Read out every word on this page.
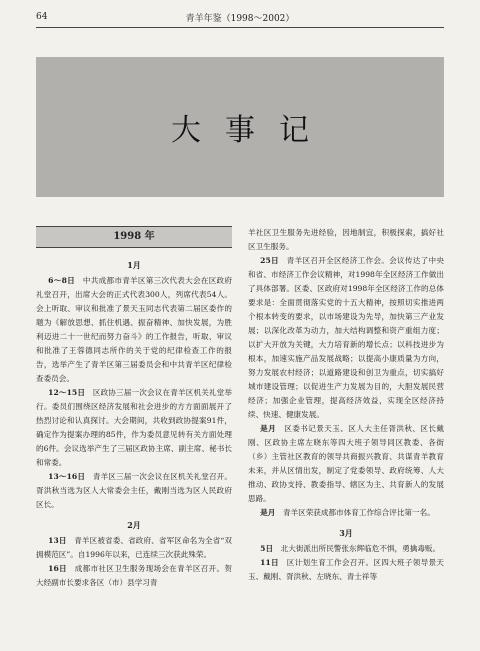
64	青羊年鉴（1998～2002）
大事记
1998 年
1月

6～8日　 中共成都市青羊区第三次代表大会在区政府礼堂召开，出席大会的正式代表300人，列席代表54人。会上听取、审议和批准了景天玉同志代表第二届区委作的题为《解放思想、抓住机遇、振奋精神、加快发展，为胜利迈进二十一世纪而努力奋斗》的工作报告，听取、审议和批准了王蓉德同志所作的关于党的纪律检查工作的报告，选举产生了青羊区第三届委员会和中共青羊区纪律检查委员会。

12～15日　 区政协三届一次会议在青羊区机关礼堂举行。委员们围绕区经济发展和社会进步的方方面面展开了热烈讨论和认真探讨。大会期间，共收到政协提案91件，确定作为提案办理的85件，作为委员意见转有关方面处理的6件。会议选举产生了三届区政协主席、副主席、秘书长和常委。

13～16日　 青羊区三届一次会议在区机关礼堂召开。胥洪秋当选为区人大常委会主任，戴刚当选为区人民政府区长。

2月

13日　 青羊区被省委、省政府、省军区命名为全省“双拥模范区”。自1996年以来，已连续三次获此殊荣。

16日　 成都市社区卫生服务现场会在青羊区召开。贺大经副市长要求各区（市）县学习青

羊社区卫生服务先进经验，因地制宜，积极探索，搞好社区卫生服务。

25日　 青羊区召开全区经济工作会。会议传达了中央和省、市经济工作会议精神，对1998年全区经济工作做出了具体部署。区委、区政府对1998年全区经济工作的总体要求是：全面贯彻落实党的十五大精神，按照切实推进两个根本转变的要求，以市场建设为先导，加快第三产业发展；以深化改革为动力，加大结构调整和资产重组力度；以扩大开放为关键，大力培育新的增长点；以科技进步为根本，加速实施产品发展战略；以提高小康质量为方向，努力发展农村经济；以道路建设和创卫为重点，切实搞好城市建设管理；以促进生产力发展为目的，大胆发展民营经济；加强企业管理，提高经济效益，实现全区经济持续、快速、健康发展。

是月　 区委书记景天玉、区人大主任胥洪秋、区长戴刚、区政协主席左晓东等四大班子领导同区教委、各街（乡）主管社区教育的领导共商振兴教育、共谋青羊教育未来，并从区情出发，制定了党委领导、政府统筹、人大推动、政协支持、教委指导、辖区为主、共育新人的发展思路。

是月　 青羊区荣获成都市体育工作综合评比第一名。

3月

5日　 北大街派出所民警张东辉临危不惧，勇擒毒贩。

11日　 区计划生育工作会召开。区四大班子领导景天玉、戴刚、胥洪秋、左晓东、青士祥等
